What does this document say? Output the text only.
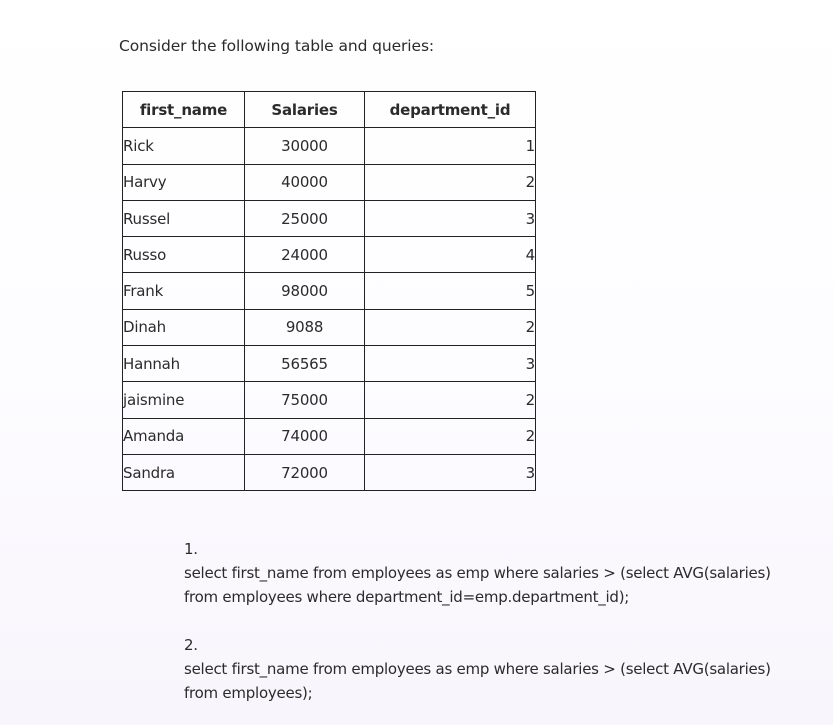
Consider the following table and queries:
first_name	Salaries	department_id
Rick	30000	1
Harvy	40000	2
Russel	25000	3
Russo	24000	4
Frank	98000	5
Dinah	9088	2
Hannah	56565	3
jaismine	75000	2
Amanda	74000	2
Sandra	72000	3
1.
select first_name from employees as emp where salaries > (select AVG(salaries)
from employees where department_id=emp.department_id);
2.
select first_name from employees as emp where salaries > (select AVG(salaries)
from employees);
